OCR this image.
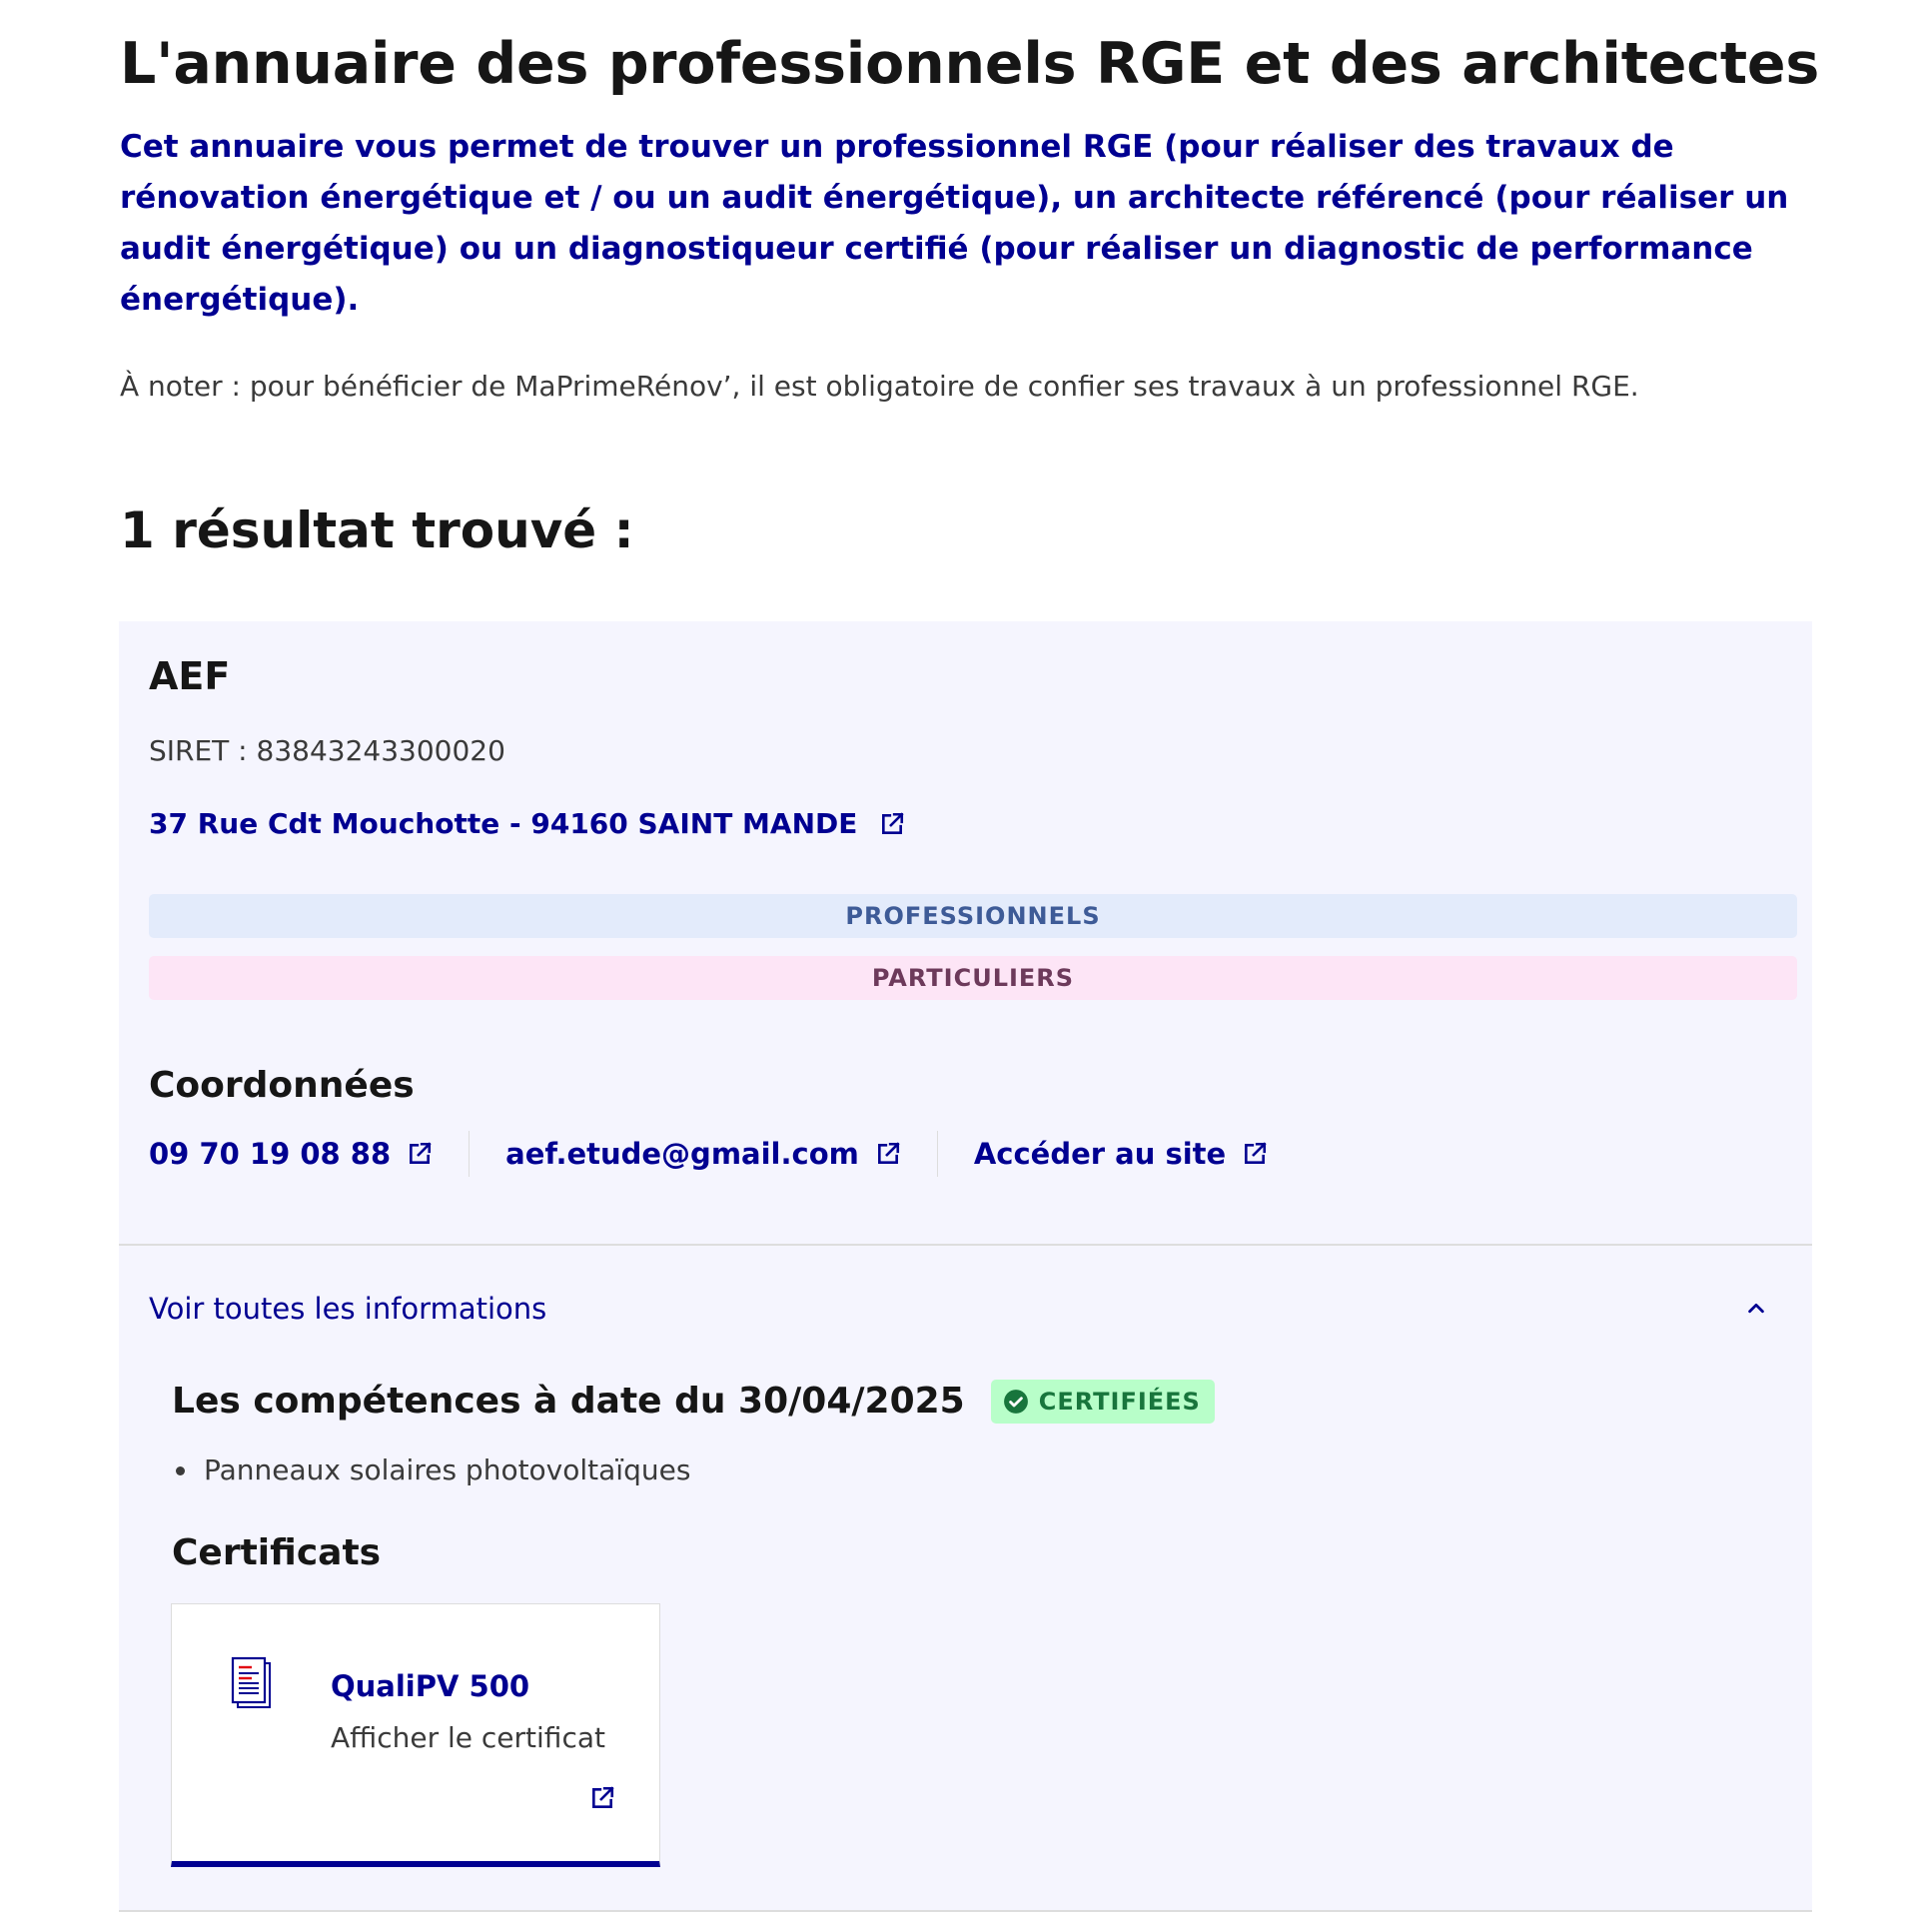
L'annuaire des professionnels RGE et des architectes

Cet annuaire vous permet de trouver un professionnel RGE (pour réaliser des travaux de rénovation énergétique et / ou un audit énergétique), un architecte référencé (pour réaliser un audit énergétique) ou un diagnostiqueur certifié (pour réaliser un diagnostic de performance énergétique).

À noter : pour bénéficier de MaPrimeRénov’, il est obligatoire de confier ses travaux à un professionnel RGE.

1 résultat trouvé :
AEF
SIRET : 83843243300020
37 Rue Cdt Mouchotte - 94160 SAINT MANDE
PROFESSIONNELS
PARTICULIERS
Coordonnées
09 70 19 08 88	aef.etude@gmail.com	Accéder au site
Voir toutes les informations
Les compétences à date du 30/04/2025	CERTIFIÉES
• Panneaux solaires photovoltaïques
Certificats
QualiPV 500
Afficher le certificat
